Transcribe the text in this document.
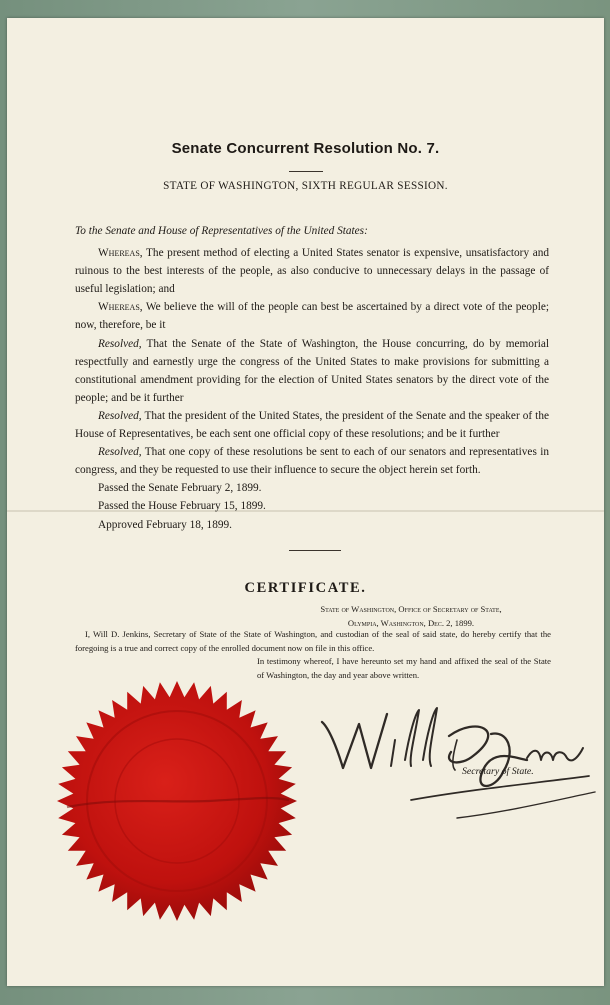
Senate Concurrent Resolution No. 7.
STATE OF WASHINGTON, SIXTH REGULAR SESSION.
To the Senate and House of Representatives of the United States:

Whereas, The present method of electing a United States senator is expensive, unsatisfactory and ruinous to the best interests of the people, as also conducive to unnecessary delays in the passage of useful legislation; and

Whereas, We believe the will of the people can best be ascertained by a direct vote of the people; now, therefore, be it

Resolved, That the Senate of the State of Washington, the House concurring, do by memorial respectfully and earnestly urge the congress of the United States to make provisions for submitting a constitutional amendment providing for the election of United States senators by the direct vote of the people; and be it further

Resolved, That the president of the United States, the president of the Senate and the speaker of the House of Representatives, be each sent one official copy of these resolutions; and be it further

Resolved, That one copy of these resolutions be sent to each of our senators and representatives in congress, and they be requested to use their influence to secure the object herein set forth.

Passed the Senate February 2, 1899.
Passed the House February 15, 1899.
Approved February 18, 1899.
CERTIFICATE.
State of Washington, Office of Secretary of State,
Olympia, Washington, Dec. 2, 1899.

I, Will D. Jenkins, Secretary of State of the State of Washington, and custodian of the seal of said state, do hereby certify that the foregoing is a true and correct copy of the enrolled document now on file in this office.

In testimony whereof, I have hereunto set my hand and affixed the seal of the State of Washington, the day and year above written.

Secretary of State.
